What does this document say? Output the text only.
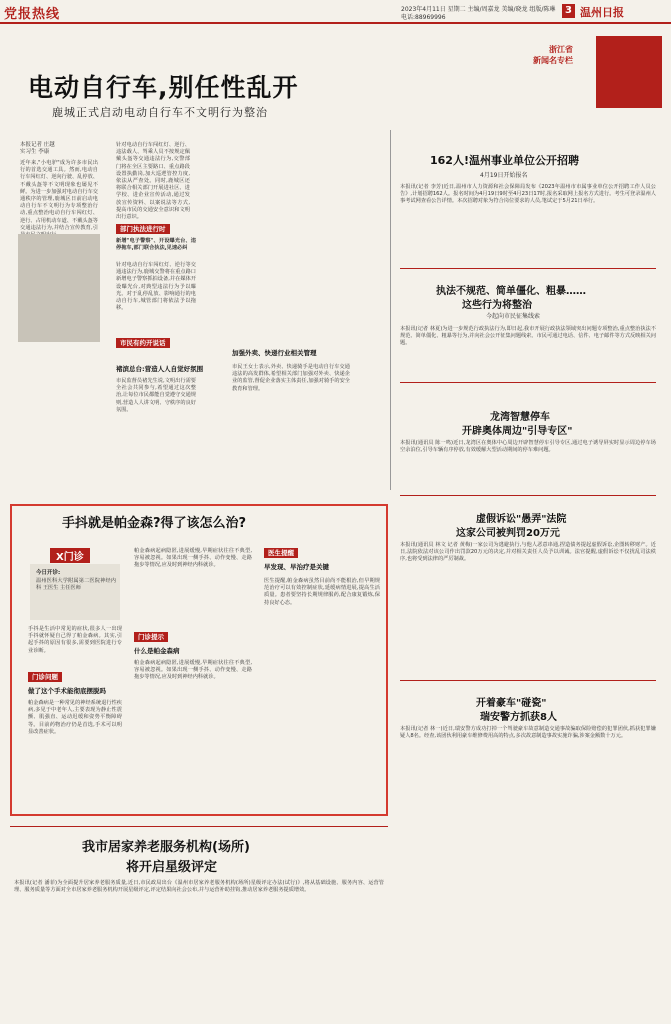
党报热线	2023年4月11日 星期二 主编/周嘉龙 美编/晓龙 组版/陈琳
电话:88969996
3 温州日报
浙江省
新闻名专栏
电动自行车,别任性乱开
鹿城正式启动电动自行车不文明行为整治
本报记者 庄越
实习生 李康
近年来,"小电驴"成为许多市民出行的首选交通工具。然而,电动自行车闯红灯、逆向行驶、乱停放、不戴头盔等不文明现象也屡见不鲜。为进一步加强对电动自行车交通秩序的管理,鹿城区日前启动电动自行车不文明行为专项整治行动,重点整治电动自行车闯红灯、逆行、占用机动车道、不戴头盔等交通违法行为,并结合宣传教育,引
针对电动自行车闯红灯、逆行、违法载人、驾乘人员不按规定佩戴头盔等交通违法行为,交警部门将在全区主要路口、重点路段设置执勤岗,加大巡逻管控力度,依法从严查处。同时,鹿城区还将联合相关部门开展进社区、进学校、进企业宣传活动,通过发放宣传资料、以案说法等方式,提高市民的交通安全意识和文明出行意识。
部门执法进行时
新增"电子警察"、开设曝光台、违停拖车,部门联合执法,见速必纠
针对电动自行车闯红灯、逆行等交通违法行为,鹿城交警将在重点路口新增电子警察抓拍设备,并在媒体开设曝光台,对典型违法行为予以曝光。对于乱停乱放、影响通行的电动自行车,城管部门将依法予以拖移。
市民有约开说话
褚滨总台:营造人人自觉好氛围
市民监督员褚先生说,文明出行需要全社会共同参与,希望通过这次整治,让每位市民都能自觉遵守交通规则,营造人人讲文明、守秩序的良好氛围。
加强外卖、快递行业相关管理
市民王女士表示,外卖、快递骑手是电动自行车交通违法的高发群体,希望相关部门加强对外卖、快递企业的监管,督促企业落实主体责任,加强对骑手的安全教育和管理。
162人!温州事业单位公开招聘
4月19日开始报名
本报讯(记者 李芳)近日,温州市人力资源和社会保障局发布《2023年温州市市属事业单位公开招聘工作人员公告》,计划招聘162人。报名时间为4月19日9时至4月23日17时,报名采取网上报名方式进行。考生可登录温州人事考试网查看公告详情。本次招聘对象为符合岗位要求的人员,笔试定于5月21日举行。
执法不规范、简单僵化、粗暴……
这些行为将整治
今起向市民征集线索
本报讯(记者 林夏)为进一步规范行政执法行为,即日起,我市开展行政执法领域突出问题专项整治,重点整治执法不规范、简单僵化、粗暴等行为,并向社会公开征集问题线索。市民可通过电话、信件、电子邮件等方式反映相关问题。
龙湾智慧停车
开辟奥体周边"引导专区"
本报讯(通讯员 陈一鸣)近日,龙湾区在奥体中心周边开辟智慧停车引导专区,通过电子诱导屏实时显示周边停车场空余泊位,引导车辆有序停放,有效缓解大型活动期间的停车难问题。
虚假诉讼"愚弄"法院
这家公司被判罚20万元
本报讯(通讯员 林文 记者 黄梅)一家公司为逃避执行,与他人恶意串通,捏造债务提起虚假诉讼,企图转移财产。近日,法院依法对该公司作出罚款20万元的决定,并对相关责任人员予以训诫。法官提醒,虚假诉讼不仅扰乱司法秩序,也将受到法律的严厉制裁。
开着豪车"碰瓷"
瑞安警方抓获8人
本报讯(记者 林一)近日,瑞安警方成功打掉一个驾驶豪车故意制造交通事故骗取保险赔偿的犯罪团伙,抓获犯罪嫌疑人8名。经查,该团伙利用豪车维修费用高的特点,多次故意制造事故实施诈骗,涉案金额数十万元。
手抖就是帕金森?得了该怎么治?
X门诊
今日开诊:
温州医科大学附属第二医院神经内科 王医生 主任医师
手抖是生活中常见的症状,很多人一出现手抖就怀疑自己得了帕金森病。其实,引起手抖的原因有很多,需要到医院进行专业诊断。
门诊问题
做了这个手术能彻底摆脱吗
帕金森病是一种常见的神经系统退行性疾病,多见于中老年人,主要表现为静止性震颤、肌强直、运动迟缓和姿势平衡障碍等。目前药物治疗仍是首选,手术可以明显改善症状。
帕金森病起病隐匿,进展缓慢,早期症状往往不典型,容易被忽视。如果出现一侧手抖、动作变慢、走路拖步等情况,应及时到神经内科就诊。
门诊提示
什么是帕金森病
帕金森病起病隐匿,进展缓慢,早期症状往往不典型,容易被忽视。如果出现一侧手抖、动作变慢、走路拖步等情况,应及时到神经内科就诊。
医生提醒
早发现、早治疗是关键
医生提醒,帕金森病虽然目前尚不能根治,但早期规范治疗可以有效控制症状,延缓病情进展,提高生活质量。患者要坚持长期规律服药,配合康复锻炼,保持良好心态。
我市居家养老服务机构(场所)
将开启星级评定
本报讯(记者 潘菲)为全面提升居家养老服务质量,近日,市民政局出台《温州市居家养老服务机构(场所)星级评定办法(试行)》,将从基础设施、服务内容、运营管理、服务质量等方面对全市居家养老服务机构开展星级评定,评定结果向社会公布,并与运营补助挂钩,推动居家养老服务提质增效。
